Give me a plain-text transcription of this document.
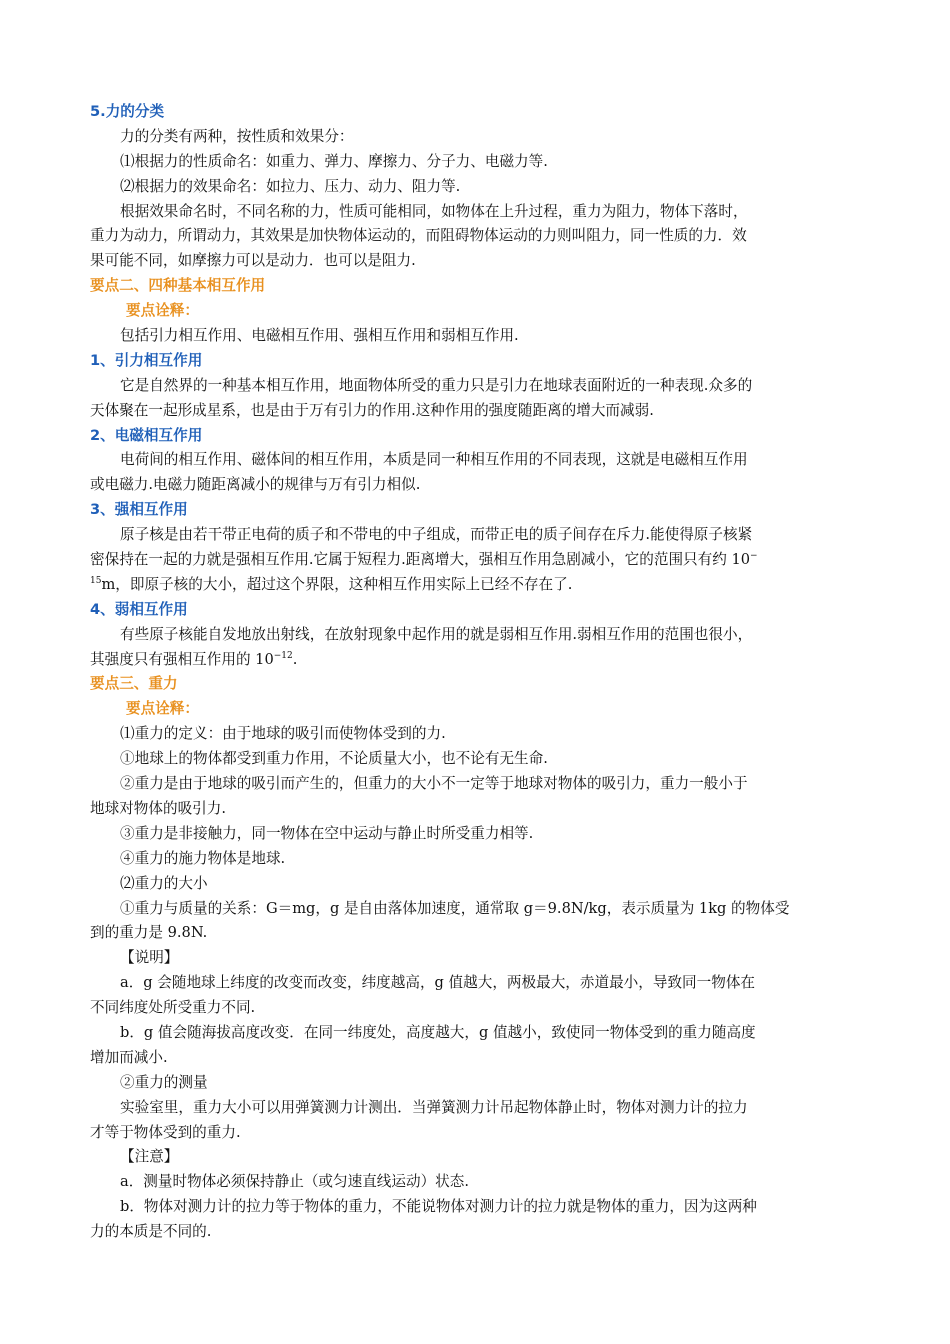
5.力的分类
力的分类有两种，按性质和效果分：
⑴根据力的性质命名：如重力、弹力、摩擦力、分子力、电磁力等.
⑵根据力的效果命名：如拉力、压力、动力、阻力等.
根据效果命名时，不同名称的力，性质可能相同，如物体在上升过程，重力为阻力，物体下落时，
重力为动力，所谓动力，其效果是加快物体运动的，而阻碍物体运动的力则叫阻力，同一性质的力．效
果可能不同，如摩擦力可以是动力．也可以是阻力.
要点二、四种基本相互作用
要点诠释：
包括引力相互作用、电磁相互作用、强相互作用和弱相互作用.
1、引力相互作用
它是自然界的一种基本相互作用，地面物体所受的重力只是引力在地球表面附近的一种表现.众多的
天体聚在一起形成星系，也是由于万有引力的作用.这种作用的强度随距离的增大而减弱.
2、电磁相互作用
电荷间的相互作用、磁体间的相互作用，本质是同一种相互作用的不同表现，这就是电磁相互作用
或电磁力.电磁力随距离减小的规律与万有引力相似.
3、强相互作用
原子核是由若干带正电荷的质子和不带电的中子组成，而带正电的质子间存在斥力.能使得原子核紧
密保持在一起的力就是强相互作用.它属于短程力.距离增大，强相互作用急剧减小，它的范围只有约 10−
$^{15}$m，即原子核的大小，超过这个界限，这种相互作用实际上已经不存在了.
4、弱相互作用
有些原子核能自发地放出射线，在放射现象中起作用的就是弱相互作用.弱相互作用的范围也很小，
其强度只有强相互作用的 $10^{-12}$.
要点三、重力
要点诠释：
⑴重力的定义：由于地球的吸引而使物体受到的力.
①地球上的物体都受到重力作用，不论质量大小，也不论有无生命.
②重力是由于地球的吸引而产生的，但重力的大小不一定等于地球对物体的吸引力，重力一般小于
地球对物体的吸引力.
③重力是非接触力，同一物体在空中运动与静止时所受重力相等.
④重力的施力物体是地球.
⑵重力的大小
①重力与质量的关系：G＝mg，g 是自由落体加速度，通常取 g＝9.8N/kg，表示质量为 1kg 的物体受
到的重力是 9.8N.
【说明】
a．g 会随地球上纬度的改变而改变，纬度越高，g 值越大，两极最大，赤道最小，导致同一物体在
不同纬度处所受重力不同.
b．g 值会随海拔高度改变．在同一纬度处，高度越大，g 值越小，致使同一物体受到的重力随高度
增加而减小.
②重力的测量
实验室里，重力大小可以用弹簧测力计测出．当弹簧测力计吊起物体静止时，物体对测力计的拉力
才等于物体受到的重力.
【注意】
a．测量时物体必须保持静止（或匀速直线运动）状态.
b．物体对测力计的拉力等于物体的重力，不能说物体对测力计的拉力就是物体的重力，因为这两种
力的本质是不同的.
